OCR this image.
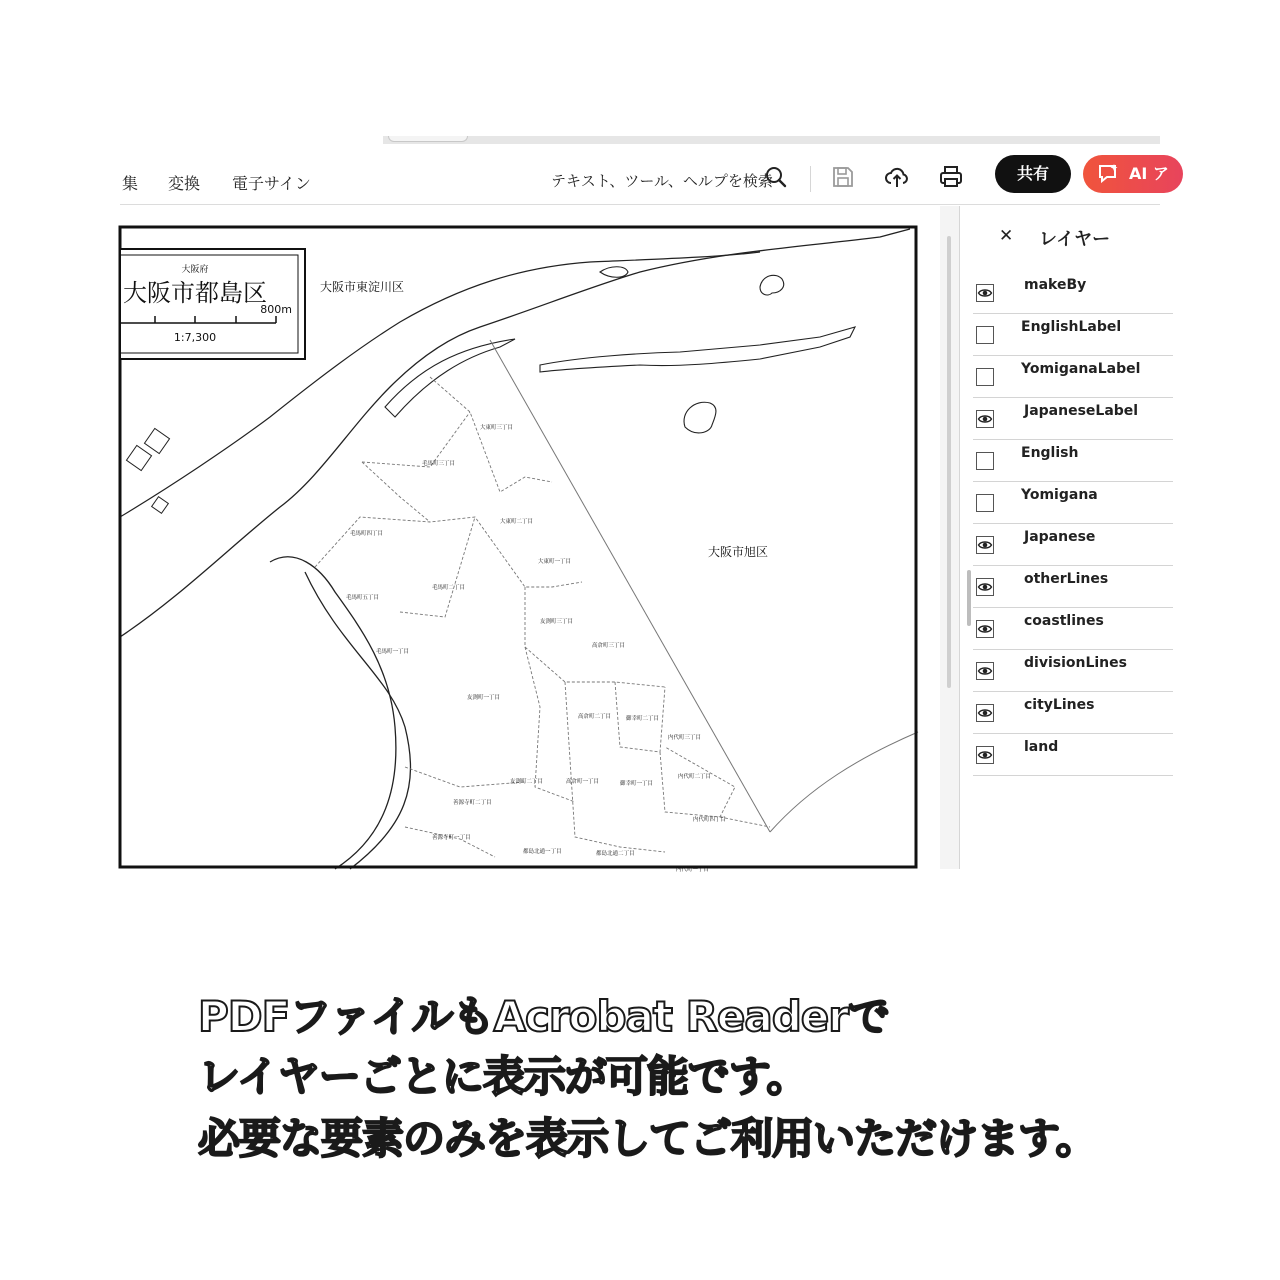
集 変換 電子サイン	テキスト、ツール、ヘルプを検索	共有	AI ア
大阪府
大阪市都島区
800m
1:7,300
大阪市東淀川区
大阪市旭区
大東町三丁目
毛馬町三丁目
大東町二丁目
毛馬町四丁目
大東町一丁目
毛馬町二丁目
毛馬町五丁目
友渕町三丁目
高倉町三丁目
毛馬町一丁目
友渕町一丁目
高倉町二丁目	御幸町二丁目
内代町三丁目
友渕町二丁目	高倉町一丁目	御幸町一丁目
内代町二丁目
善源寺町二丁目
内代町四丁目
善源寺町一丁目
都島北通一丁目	都島北通二丁目
内代町一丁目
✕ レイヤー
makeBy
EnglishLabel
YomiganaLabel
JapaneseLabel
English
Yomigana
Japanese
otherLines
coastlines
divisionLines
cityLines
land
PDFファイルもAcrobat Readerで
レイヤーごとに表示が可能です。
必要な要素のみを表示してご利用いただけます。
